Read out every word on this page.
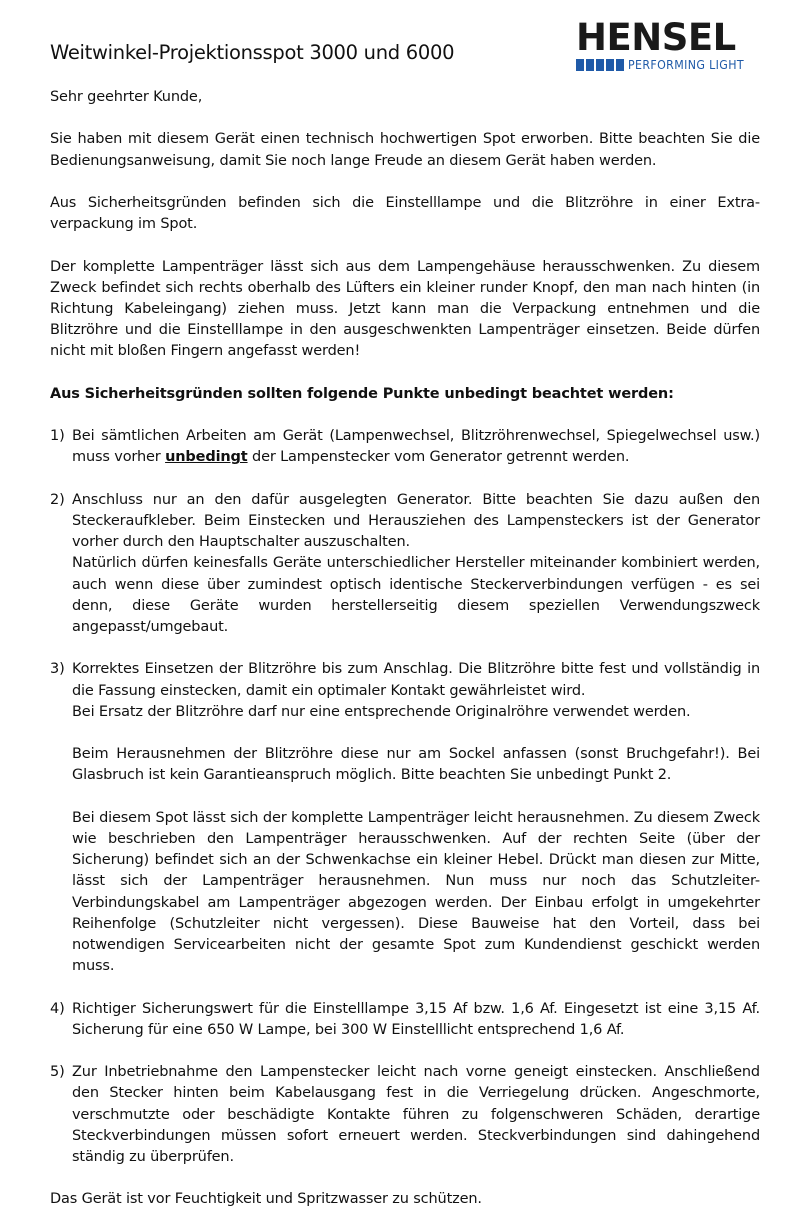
Weitwinkel-Projektionsspot 3000 und 6000	HENSEL
PERFORMING LIGHT

Sehr geehrter Kunde,

Sie haben mit diesem Gerät einen technisch hochwertigen Spot erworben. Bitte beachten Sie die Bedienungsanweisung, damit Sie noch lange Freude an diesem Gerät haben werden.

Aus Sicherheitsgründen befinden sich die Einstelllampe und die Blitzröhre in einer Extra-verpackung im Spot.

Der komplette Lampenträger lässt sich aus dem Lampengehäuse herausschwenken. Zu diesem Zweck befindet sich rechts oberhalb des Lüfters ein kleiner runder Knopf, den man nach hinten (in Richtung Kabeleingang) ziehen muss. Jetzt kann man die Verpackung entnehmen und die Blitzröhre und die Einstelllampe in den ausgeschwenkten Lampenträger einsetzen. Beide dürfen nicht mit bloßen Fingern angefasst werden!

Aus Sicherheitsgründen sollten folgende Punkte unbedingt beachtet werden:

1) Bei sämtlichen Arbeiten am Gerät (Lampenwechsel, Blitzröhrenwechsel, Spiegelwechsel usw.) muss vorher unbedingt der Lampenstecker vom Generator getrennt werden.

2) Anschluss nur an den dafür ausgelegten Generator. Bitte beachten Sie dazu außen den Steckeraufkleber. Beim Einstecken und Herausziehen des Lampensteckers ist der Generator vorher durch den Hauptschalter auszuschalten.

Natürlich dürfen keinesfalls Geräte unterschiedlicher Hersteller miteinander kombiniert werden, auch wenn diese über zumindest optisch identische Steckerverbindungen verfügen - es sei denn, diese Geräte wurden herstellerseitig diesem speziellen Verwendungszweck angepasst/umgebaut.

3) Korrektes Einsetzen der Blitzröhre bis zum Anschlag. Die Blitzröhre bitte fest und vollständig in die Fassung einstecken, damit ein optimaler Kontakt gewährleistet wird.

Bei Ersatz der Blitzröhre darf nur eine entsprechende Originalröhre verwendet werden.

Beim Herausnehmen der Blitzröhre diese nur am Sockel anfassen (sonst Bruchgefahr!). Bei Glasbruch ist kein Garantieanspruch möglich. Bitte beachten Sie unbedingt Punkt 2.

Bei diesem Spot lässt sich der komplette Lampenträger leicht herausnehmen. Zu diesem Zweck wie beschrieben den Lampenträger herausschwenken. Auf der rechten Seite (über der Sicherung) befindet sich an der Schwenkachse ein kleiner Hebel. Drückt man diesen zur Mitte, lässt sich der Lampenträger herausnehmen. Nun muss nur noch das Schutzleiter-Verbindungskabel am Lampenträger abgezogen werden. Der Einbau erfolgt in umgekehrter Reihenfolge (Schutzleiter nicht vergessen). Diese Bauweise hat den Vorteil, dass bei notwendigen Servicearbeiten nicht der gesamte Spot zum Kundendienst geschickt werden muss.

4) Richtiger Sicherungswert für die Einstelllampe 3,15 Af bzw. 1,6 Af. Eingesetzt ist eine 3,15 Af. Sicherung für eine 650 W Lampe, bei 300 W Einstelllicht entsprechend 1,6 Af.

5) Zur Inbetriebnahme den Lampenstecker leicht nach vorne geneigt einstecken. Anschließend den Stecker hinten beim Kabelausgang fest in die Verriegelung drücken. Angeschmorte, verschmutzte oder beschädigte Kontakte führen zu folgenschweren Schäden, derartige Steckverbindungen müssen sofort erneuert werden. Steckverbindungen sind dahingehend ständig zu überprüfen.

Das Gerät ist vor Feuchtigkeit und Spritzwasser zu schützen.
